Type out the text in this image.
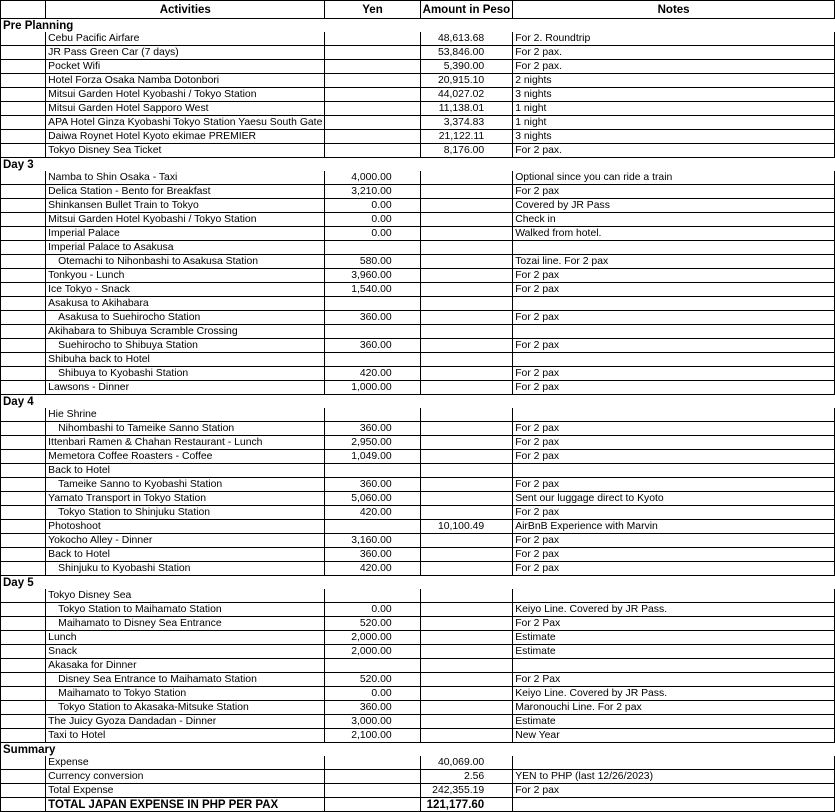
	Activities	Yen	Amount in Peso	Notes
Pre Planning				
	Cebu Pacific Airfare		48,613.68	For 2. Roundtrip
	JR Pass Green Car (7 days)		53,846.00	For 2 pax.
	Pocket Wifi		5,390.00	For 2 pax.
	Hotel Forza Osaka Namba Dotonbori		20,915.10	2 nights
	Mitsui Garden Hotel Kyobashi / Tokyo Station		44,027.02	3 nights
	Mitsui Garden Hotel Sapporo West		11,138.01	1 night
	APA Hotel Ginza Kyobashi Tokyo Station Yaesu South Gate		3,374.83	1 night
	Daiwa Roynet Hotel Kyoto ekimae PREMIER		21,122.11	3 nights
	Tokyo Disney Sea Ticket		8,176.00	For 2 pax.
Day 3				
	Namba to Shin Osaka - Taxi	4,000.00		Optional since you can ride a train
	Delica Station - Bento for Breakfast	3,210.00		For 2 pax
	Shinkansen Bullet Train to Tokyo	0.00		Covered by JR Pass
	Mitsui Garden Hotel Kyobashi / Tokyo Station	0.00		Check in
	Imperial Palace	0.00		Walked from hotel.
	Imperial Palace to Asakusa			
	Otemachi to Nihonbashi to Asakusa Station	580.00		Tozai line. For 2 pax
	Tonkyou - Lunch	3,960.00		For 2 pax
	Ice Tokyo - Snack	1,540.00		For 2 pax
	Asakusa to Akihabara			
	Asakusa to Suehirocho Station	360.00		For 2 pax
	Akihabara to Shibuya Scramble Crossing			
	Suehirocho to Shibuya Station	360.00		For 2 pax
	Shibuha back to Hotel			
	Shibuya to Kyobashi Station	420.00		For 2 pax
	Lawsons - Dinner	1,000.00		For 2 pax
Day 4				
	Hie Shrine			
	Nihombashi to Tameike Sanno Station	360.00		For 2 pax
	Ittenbari Ramen & Chahan Restaurant - Lunch	2,950.00		For 2 pax
	Memetora Coffee Roasters - Coffee	1,049.00		For 2 pax
	Back to Hotel			
	Tameike Sanno to Kyobashi Station	360.00		For 2 pax
	Yamato Transport in Tokyo Station	5,060.00		Sent our luggage direct to Kyoto
	Tokyo Station to Shinjuku Station	420.00		For 2 pax
	Photoshoot		10,100.49	AirBnB Experience with Marvin
	Yokocho Alley - Dinner	3,160.00		For 2 pax
	Back to Hotel	360.00		For 2 pax
	Shinjuku to Kyobashi Station	420.00		For 2 pax
Day 5				
	Tokyo Disney Sea			
	Tokyo Station to Maihamato Station	0.00		Keiyo Line. Covered by JR Pass.
	Maihamato to Disney Sea Entrance	520.00		For 2 Pax
	Lunch	2,000.00		Estimate
	Snack	2,000.00		Estimate
	Akasaka for Dinner			
	Disney Sea Entrance to Maihamato Station	520.00		For 2 Pax
	Maihamato to Tokyo Station	0.00		Keiyo Line. Covered by JR Pass.
	Tokyo Station to Akasaka-Mitsuke Station	360.00		Maronouchi Line. For 2 pax
	The Juicy Gyoza Dandadan - Dinner	3,000.00		Estimate
	Taxi to Hotel	2,100.00		New Year
Summary				
	Expense		40,069.00	
	Currency conversion		2.56	YEN to PHP (last 12/26/2023)
	Total Expense		242,355.19	For 2 pax
	TOTAL JAPAN EXPENSE IN PHP PER PAX		121,177.60	
